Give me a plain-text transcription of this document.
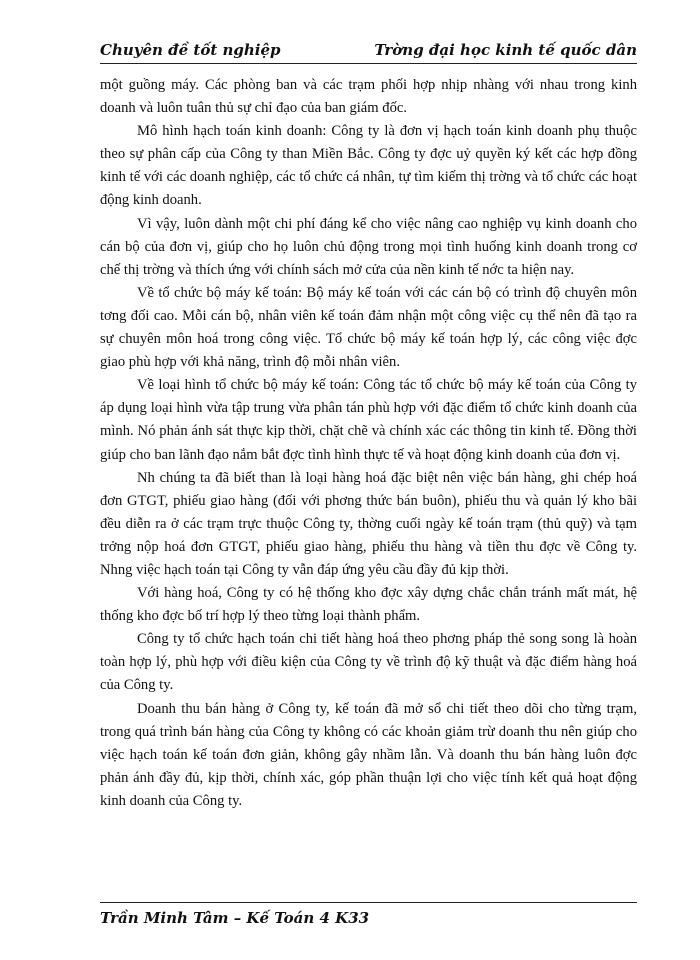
Chuyên đề tốt nghiệp	Trờng đại học kinh tế quốc dân

một guồng máy. Các phòng ban và các trạm phối hợp nhịp nhàng với nhau trong kinh doanh và luôn tuân thủ sự chỉ đạo của ban giám đốc.

Mô hình hạch toán kinh doanh: Công ty là đơn vị hạch toán kinh doanh phụ thuộc theo sự phân cấp của Công ty than Miền Bắc. Công ty đợc uỷ quyền ký kết các hợp đồng kinh tế với các doanh nghiệp, các tổ chức cá nhân, tự tìm kiếm thị trờng và tổ chức các hoạt động kinh doanh.

Vì vậy, luôn dành một chi phí đáng kể cho việc nâng cao nghiệp vụ kinh doanh cho cán bộ của đơn vị, giúp cho họ luôn chủ động trong mọi tình huống kinh doanh trong cơ chế thị trờng và thích ứng với chính sách mở cửa của nền kinh tế nớc ta hiện nay.

Về tổ chức bộ máy kế toán: Bộ máy kế toán với các cán bộ có trình độ chuyên môn tơng đối cao. Mỗi cán bộ, nhân viên kế toán đảm nhận một công việc cụ thể nên đã tạo ra sự chuyên môn hoá trong công việc. Tổ chức bộ máy kế toán hợp lý, các công việc đợc giao phù hợp với khả năng, trình độ mỗi nhân viên.

Về loại hình tổ chức bộ máy kế toán: Công tác tổ chức bộ máy kế toán của Công ty áp dụng loại hình vừa tập trung vừa phân tán phù hợp với đặc điểm tổ chức kinh doanh của mình. Nó phản ánh sát thực kịp thời, chặt chẽ và chính xác các thông tin kinh tế. Đồng thời giúp cho ban lãnh đạo nắm bắt đợc tình hình thực tế và hoạt động kinh doanh của đơn vị.

Nh chúng ta đã biết than là loại hàng hoá đặc biệt nên việc bán hàng, ghi chép hoá đơn GTGT, phiếu giao hàng (đối với phơng thức bán buôn), phiếu thu và quản lý kho bãi đều diễn ra ở các trạm trực thuộc Công ty, thờng cuối ngày kế toán trạm (thủ quỹ) và tạm trởng nộp hoá đơn GTGT, phiếu giao hàng, phiếu thu hàng và tiền thu đợc về Công ty. Nhng việc hạch toán tại Công ty vẫn đáp ứng yêu cầu đầy đủ kịp thời.

Với hàng hoá, Công ty có hệ thống kho đợc xây dựng chắc chắn tránh mất mát, hệ thống kho đợc bố trí hợp lý theo từng loại thành phẩm.

Công ty tổ chức hạch toán chi tiết hàng hoá theo phơng pháp thẻ song song là hoàn toàn hợp lý, phù hợp với điều kiện của Công ty về trình độ kỹ thuật và đặc điểm hàng hoá của Công ty.

Doanh thu bán hàng ở Công ty, kế toán đã mở sổ chi tiết theo dõi cho từng trạm, trong quá trình bán hàng của Công ty không có các khoản giảm trừ doanh thu nên giúp cho việc hạch toán kế toán đơn giản, không gây nhầm lẫn. Và doanh thu bán hàng luôn đợc phản ánh đầy đủ, kịp thời, chính xác, góp phần thuận lợi cho việc tính kết quả hoạt động kinh doanh của Công ty.

Trần Minh Tâm – Kế Toán 4 K33
